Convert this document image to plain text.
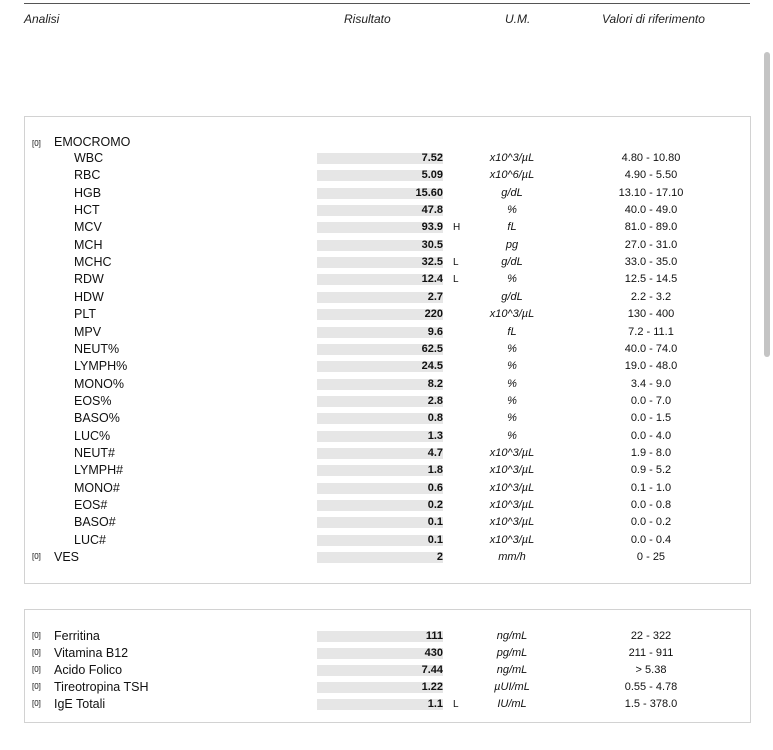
Analisi	Risultato	U.M.	Valori di riferimento
[0] EMOCROMO
WBC	7.52	x10^3/µL	4.80 - 10.80
RBC	5.09	x10^6/µL	4.90 - 5.50
HGB	15.60	g/dL	13.10 - 17.10
HCT	47.8	%	40.0 - 49.0
MCV	93.9 H	fL	81.0 - 89.0
MCH	30.5	pg	27.0 - 31.0
MCHC	32.5 L	g/dL	33.0 - 35.0
RDW	12.4 L	%	12.5 - 14.5
HDW	2.7	g/dL	2.2 - 3.2
PLT	220	x10^3/µL	130 - 400
MPV	9.6	fL	7.2 - 11.1
NEUT%	62.5	%	40.0 - 74.0
LYMPH%	24.5	%	19.0 - 48.0
MONO%	8.2	%	3.4 - 9.0
EOS%	2.8	%	0.0 - 7.0
BASO%	0.8	%	0.0 - 1.5
LUC%	1.3	%	0.0 - 4.0
NEUT#	4.7	x10^3/µL	1.9 - 8.0
LYMPH#	1.8	x10^3/µL	0.9 - 5.2
MONO#	0.6	x10^3/µL	0.1 - 1.0
EOS#	0.2	x10^3/µL	0.0 - 0.8
BASO#	0.1	x10^3/µL	0.0 - 0.2
LUC#	0.1	x10^3/µL	0.0 - 0.4
[0] VES	2	mm/h	0 - 25
[0] Ferritina	111	ng/mL	22 - 322
[0] Vitamina B12	430	pg/mL	211 - 911
[0] Acido Folico	7.44	ng/mL	> 5.38
[0] Tireotropina TSH	1.22	µUI/mL	0.55 - 4.78
[0] IgE Totali	1.1 L	IU/mL	1.5 - 378.0
